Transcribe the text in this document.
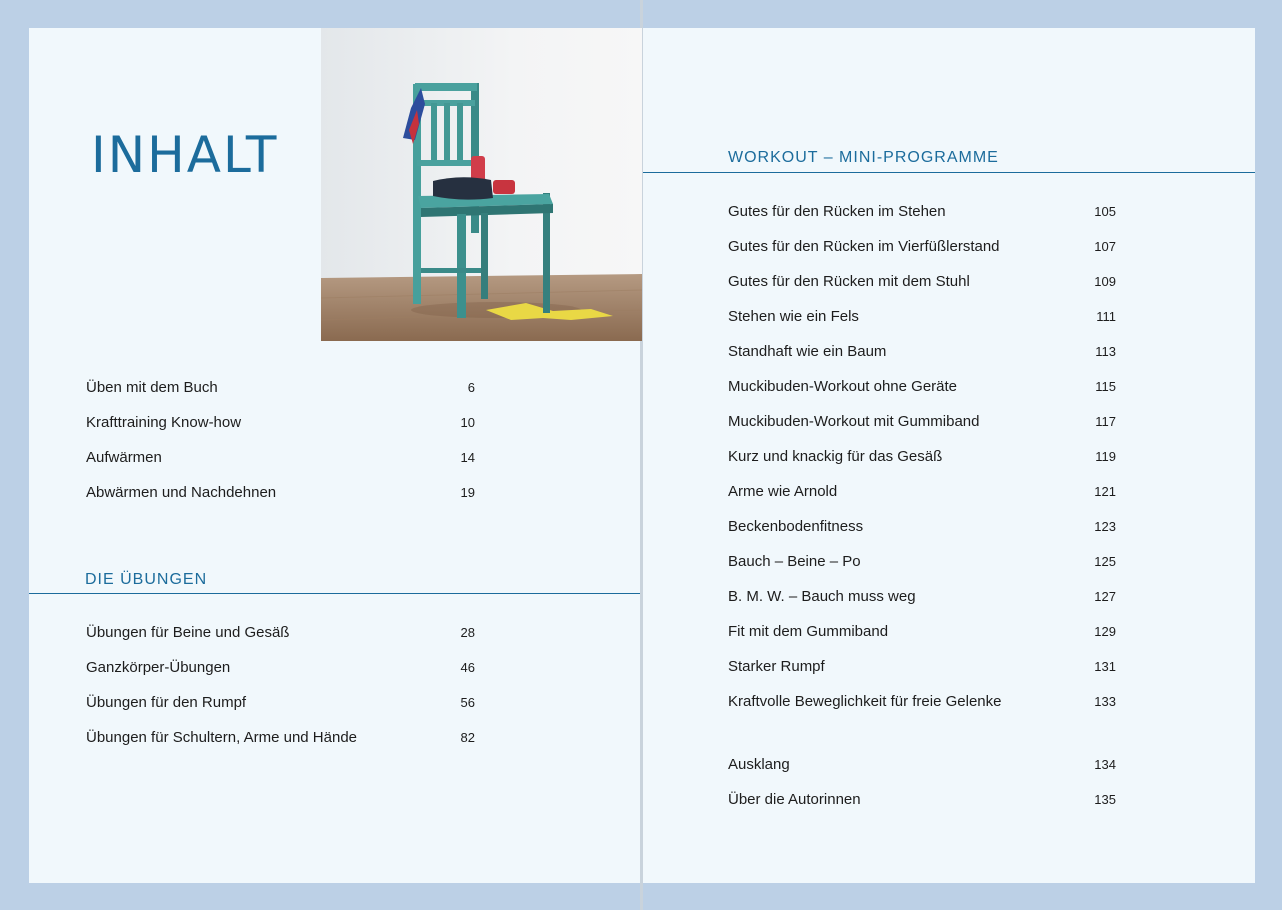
INHALT
Üben mit dem Buch	6
Krafttraining Know-how	10
Aufwärmen	14
Abwärmen und Nachdehnen	19
DIE ÜBUNGEN
Übungen für Beine und Gesäß	28
Ganzkörper-Übungen	46
Übungen für den Rumpf	56
Übungen für Schultern, Arme und Hände	82
WORKOUT – MINI-PROGRAMME
Gutes für den Rücken im Stehen	105
Gutes für den Rücken im Vierfüßlerstand	107
Gutes für den Rücken mit dem Stuhl	109
Stehen wie ein Fels	111
Standhaft wie ein Baum	113
Muckibuden-Workout ohne Geräte	115
Muckibuden-Workout mit Gummiband	117
Kurz und knackig für das Gesäß	119
Arme wie Arnold	121
Beckenbodenfitness	123
Bauch – Beine – Po	125
B. M. W. – Bauch muss weg	127
Fit mit dem Gummiband	129
Starker Rumpf	131
Kraftvolle Beweglichkeit für freie Gelenke	133
Ausklang	134
Über die Autorinnen	135
